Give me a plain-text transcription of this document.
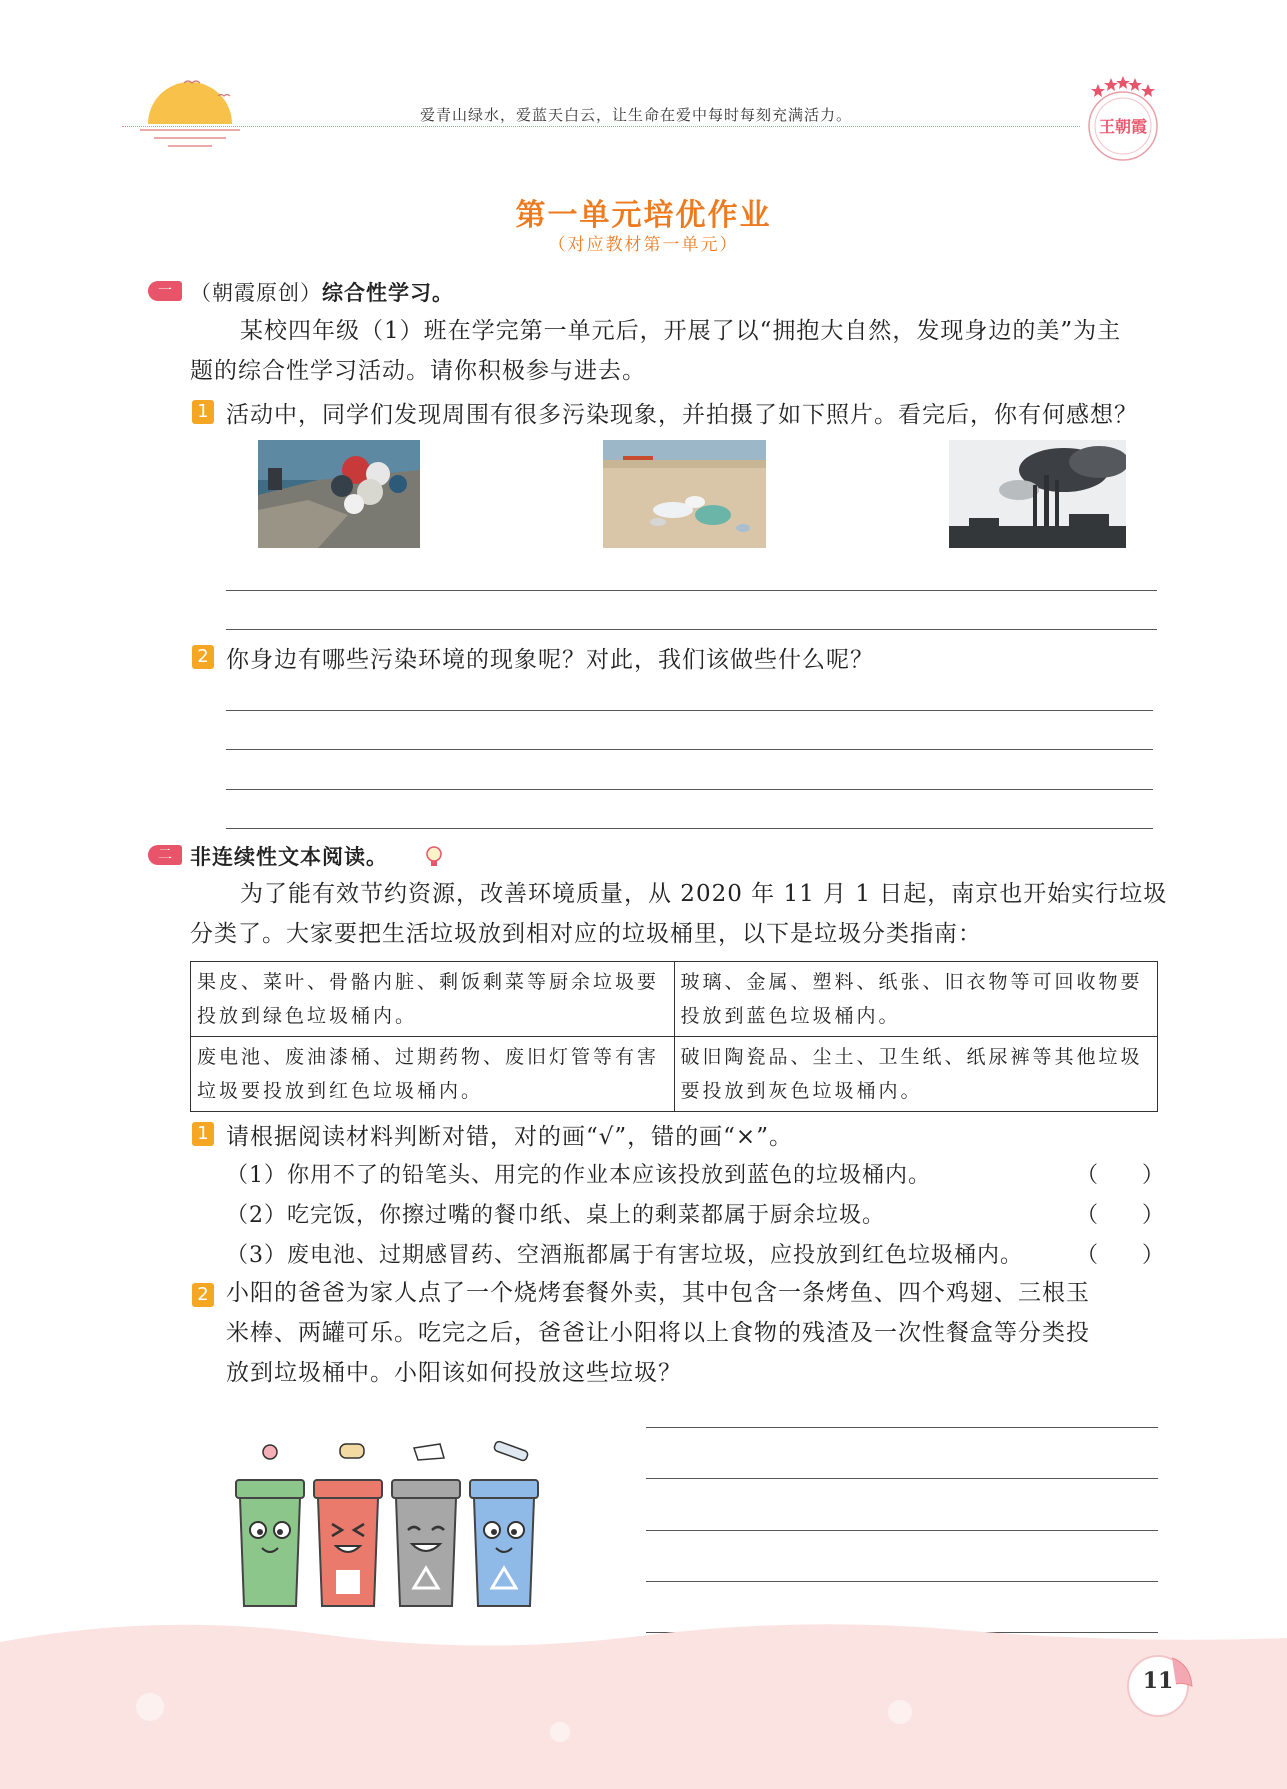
爱青山绿水，爱蓝天白云，让生命在爱中每时每刻充满活力。
王朝霞
第一单元培优作业
（对应教材第一单元）
一 （朝霞原创）综合性学习。
某校四年级（1）班在学完第一单元后，开展了以“拥抱大自然，发现身边的美”为主
题的综合性学习活动。请你积极参与进去。
1 活动中，同学们发现周围有很多污染现象，并拍摄了如下照片。看完后，你有何感想？
2 你身边有哪些污染环境的现象呢？对此，我们该做些什么呢？
二 非连续性文本阅读。
为了能有效节约资源，改善环境质量，从 2020 年 11 月 1 日起，南京也开始实行垃圾
分类了。大家要把生活垃圾放到相对应的垃圾桶里，以下是垃圾分类指南：
果皮、菜叶、骨骼内脏、剩饭剩菜等厨余垃圾要投放到绿色垃圾桶内。	玻璃、金属、塑料、纸张、旧衣物等可回收物要投放到蓝色垃圾桶内。
废电池、废油漆桶、过期药物、废旧灯管等有害垃圾要投放到红色垃圾桶内。	破旧陶瓷品、尘土、卫生纸、纸尿裤等其他垃圾要投放到灰色垃圾桶内。
1 请根据阅读材料判断对错，对的画“√”，错的画“×”。
（1）你用不了的铅笔头、用完的作业本应该投放到蓝色的垃圾桶内。	（　　）
（2）吃完饭，你擦过嘴的餐巾纸、桌上的剩菜都属于厨余垃圾。	（　　）
（3）废电池、过期感冒药、空酒瓶都属于有害垃圾，应投放到红色垃圾桶内。 （　　）
2 小阳的爸爸为家人点了一个烧烤套餐外卖，其中包含一条烤鱼、四个鸡翅、三根玉
米棒、两罐可乐。吃完之后，爸爸让小阳将以上食物的残渣及一次性餐盒等分类投
放到垃圾桶中。小阳该如何投放这些垃圾？
11
